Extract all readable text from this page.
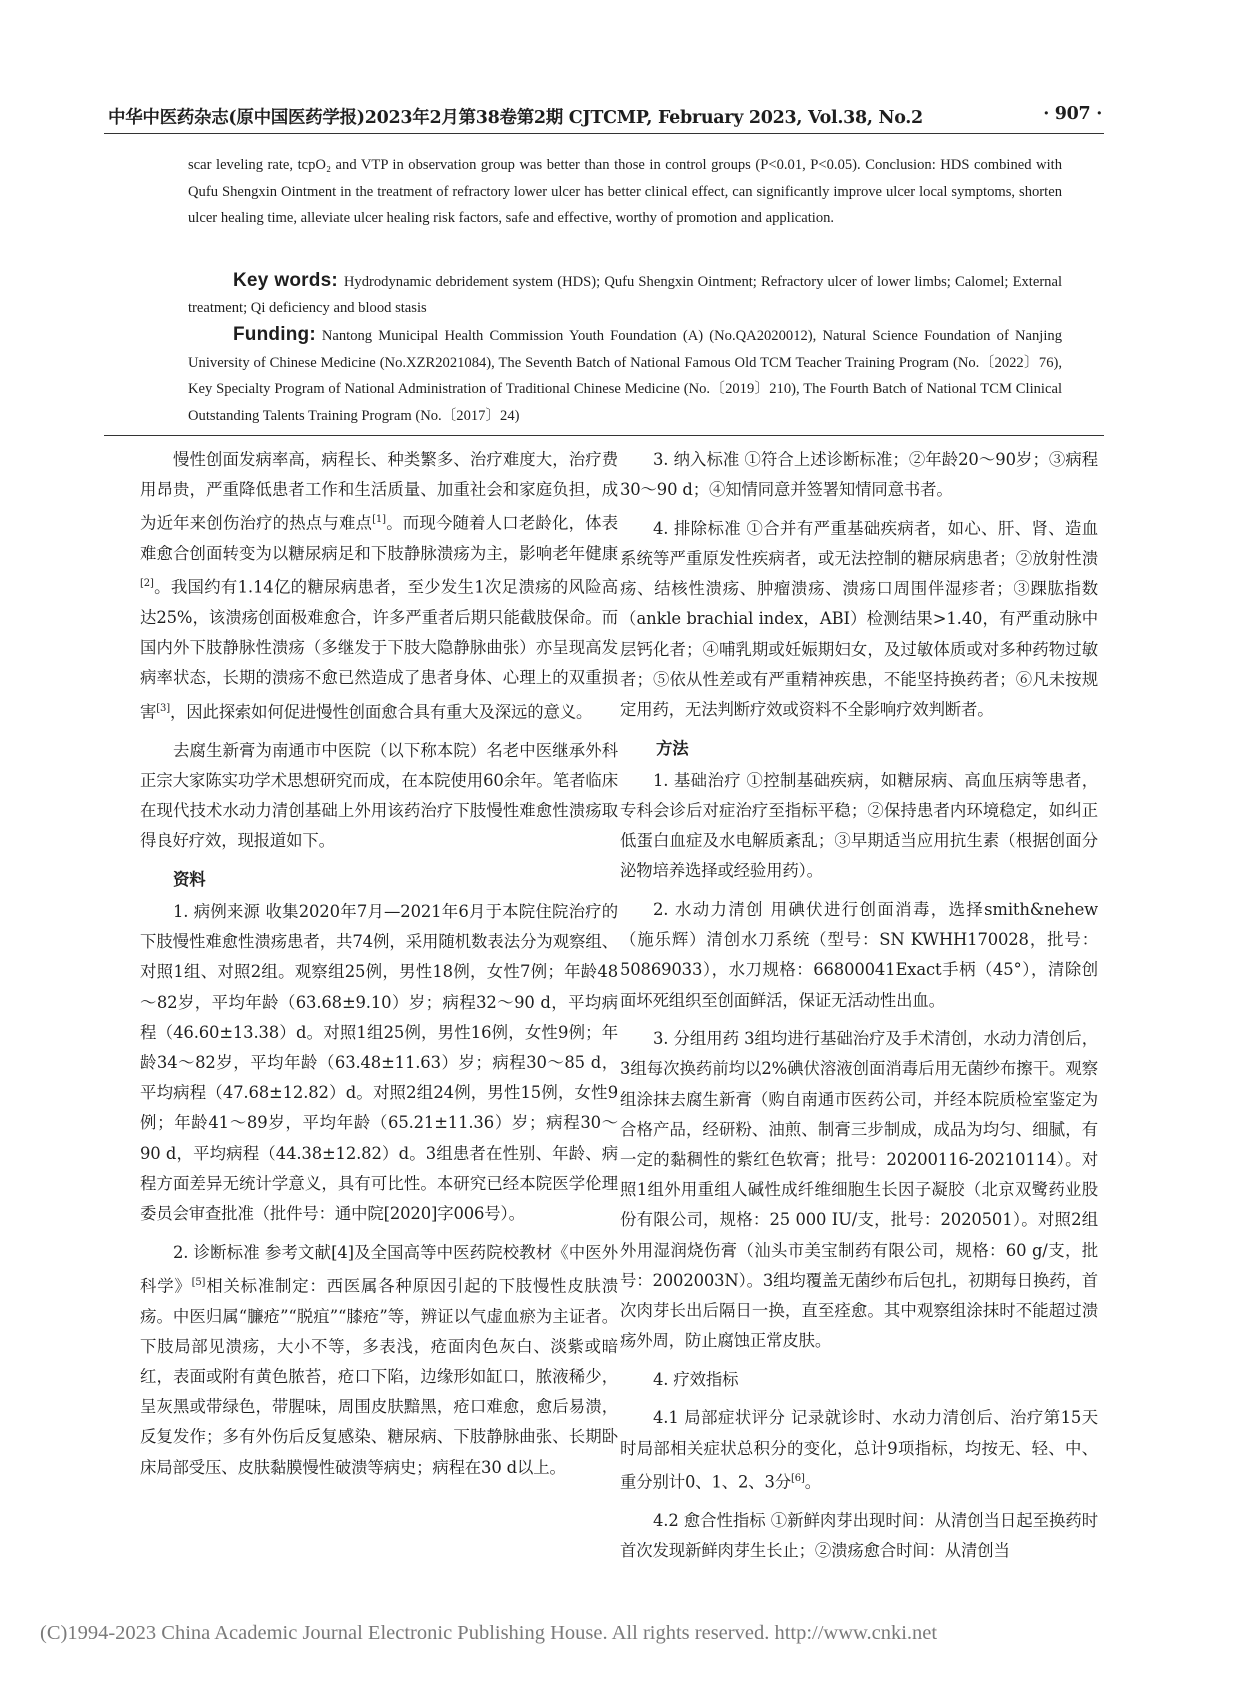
中华中医药杂志(原中国医药学报)2023年2月第38卷第2期 CJTCMP, February 2023, Vol.38, No.2	· 907 ·
scar leveling rate, tcpO₂ and VTP in observation group was better than those in control groups (P<0.01, P<0.05). Conclusion: HDS combined with Qufu Shengxin Ointment in the treatment of refractory lower ulcer has better clinical effect, can significantly improve ulcer local symptoms, shorten ulcer healing time, alleviate ulcer healing risk factors, safe and effective, worthy of promotion and application.
Key words: Hydrodynamic debridement system (HDS); Qufu Shengxin Ointment; Refractory ulcer of lower limbs; Calomel; External treatment; Qi deficiency and blood stasis
Funding: Nantong Municipal Health Commission Youth Foundation (A) (No.QA2020012), Natural Science Foundation of Nanjing University of Chinese Medicine (No.XZR2021084), The Seventh Batch of National Famous Old TCM Teacher Training Program (No.〔2022〕76), Key Specialty Program of National Administration of Traditional Chinese Medicine (No.〔2019〕210), The Fourth Batch of National TCM Clinical Outstanding Talents Training Program (No.〔2017〕24)

慢性创面发病率高，病程长、种类繁多、治疗难度大，治疗费用昂贵，严重降低患者工作和生活质量、加重社会和家庭负担，成为近年来创伤治疗的热点与难点[1]。而现今随着人口老龄化，体表难愈合创面转变为以糖尿病足和下肢静脉溃疡为主，影响老年健康[2]。我国约有1.14亿的糖尿病患者，至少发生1次足溃疡的风险高达25%，该溃疡创面极难愈合，许多严重者后期只能截肢保命。而国内外下肢静脉性溃疡（多继发于下肢大隐静脉曲张）亦呈现高发病率状态，长期的溃疡不愈已然造成了患者身体、心理上的双重损害[3]，因此探索如何促进慢性创面愈合具有重大及深远的意义。

去腐生新膏为南通市中医院（以下称本院）名老中医继承外科正宗大家陈实功学术思想研究而成，在本院使用60余年。笔者临床在现代技术水动力清创基础上外用该药治疗下肢慢性难愈性溃疡取得良好疗效，现报道如下。

资料

1. 病例来源 收集2020年7月—2021年6月于本院住院治疗的下肢慢性难愈性溃疡患者，共74例，采用随机数表法分为观察组、对照1组、对照2组。观察组25例，男性18例，女性7例；年龄48～82岁，平均年龄（63.68±9.10）岁；病程32～90 d，平均病程（46.60±13.38）d。对照1组25例，男性16例，女性9例；年龄34～82岁，平均年龄（63.48±11.63）岁；病程30～85 d，平均病程（47.68±12.82）d。对照2组24例，男性15例，女性9例；年龄41～89岁，平均年龄（65.21±11.36）岁；病程30～90 d，平均病程（44.38±12.82）d。3组患者在性别、年龄、病程方面差异无统计学意义，具有可比性。本研究已经本院医学伦理委员会审查批准（批件号：通中院[2020]字006号）。

2. 诊断标准 参考文献[4]及全国高等中医药院校教材《中医外科学》[5]相关标准制定：西医属各种原因引起的下肢慢性皮肤溃疡。中医归属“臁疮”“脱疽”“膝疮”等，辨证以气虚血瘀为主证者。下肢局部见溃疡，大小不等，多表浅，疮面肉色灰白、淡紫或暗红，表面或附有黄色脓苔，疮口下陷，边缘形如缸口，脓液稀少，呈灰黑或带绿色，带腥味，周围皮肤黯黑，疮口难愈，愈后易溃，反复发作；多有外伤后反复感染、糖尿病、下肢静脉曲张、长期卧床局部受压、皮肤黏膜慢性破溃等病史；病程在30 d以上。

3. 纳入标准 ①符合上述诊断标准；②年龄20～90岁；③病程30～90 d；④知情同意并签署知情同意书者。

4. 排除标准 ①合并有严重基础疾病者，如心、肝、肾、造血系统等严重原发性疾病者，或无法控制的糖尿病患者；②放射性溃疡、结核性溃疡、肿瘤溃疡、溃疡口周围伴湿疹者；③踝肱指数（ankle brachial index，ABI）检测结果>1.40，有严重动脉中层钙化者；④哺乳期或妊娠期妇女，及过敏体质或对多种药物过敏者；⑤依从性差或有严重精神疾患，不能坚持换药者；⑥凡未按规定用药，无法判断疗效或资料不全影响疗效判断者。

方法

1. 基础治疗 ①控制基础疾病，如糖尿病、高血压病等患者，专科会诊后对症治疗至指标平稳；②保持患者内环境稳定，如纠正低蛋白血症及水电解质紊乱；③早期适当应用抗生素（根据创面分泌物培养选择或经验用药）。

2. 水动力清创 用碘伏进行创面消毒，选择smith&nehew（施乐辉）清创水刀系统（型号：SN KWHH170028，批号：50869033），水刀规格：66800041Exact手柄（45°），清除创面坏死组织至创面鲜活，保证无活动性出血。

3. 分组用药 3组均进行基础治疗及手术清创，水动力清创后，3组每次换药前均以2%碘伏溶液创面消毒后用无菌纱布擦干。观察组涂抹去腐生新膏（购自南通市医药公司，并经本院质检室鉴定为合格产品，经研粉、油煎、制膏三步制成，成品为均匀、细腻，有一定的黏稠性的紫红色软膏；批号：20200116-20210114）。对照1组外用重组人碱性成纤维细胞生长因子凝胶（北京双鹭药业股份有限公司，规格：25 000 IU/支，批号：2020501）。对照2组外用湿润烧伤膏（汕头市美宝制药有限公司，规格：60 g/支，批号：2002003N）。3组均覆盖无菌纱布后包扎，初期每日换药，首次肉芽长出后隔日一换，直至痊愈。其中观察组涂抹时不能超过溃疡外周，防止腐蚀正常皮肤。

4. 疗效指标

4.1 局部症状评分 记录就诊时、水动力清创后、治疗第15天时局部相关症状总积分的变化，总计9项指标，均按无、轻、中、重分别计0、1、2、3分[6]。

4.2 愈合性指标 ①新鲜肉芽出现时间：从清创当日起至换药时首次发现新鲜肉芽生长止；②溃疡愈合时间：从清创当

(C)1994-2023 China Academic Journal Electronic Publishing House. All rights reserved. http://www.cnki.net
